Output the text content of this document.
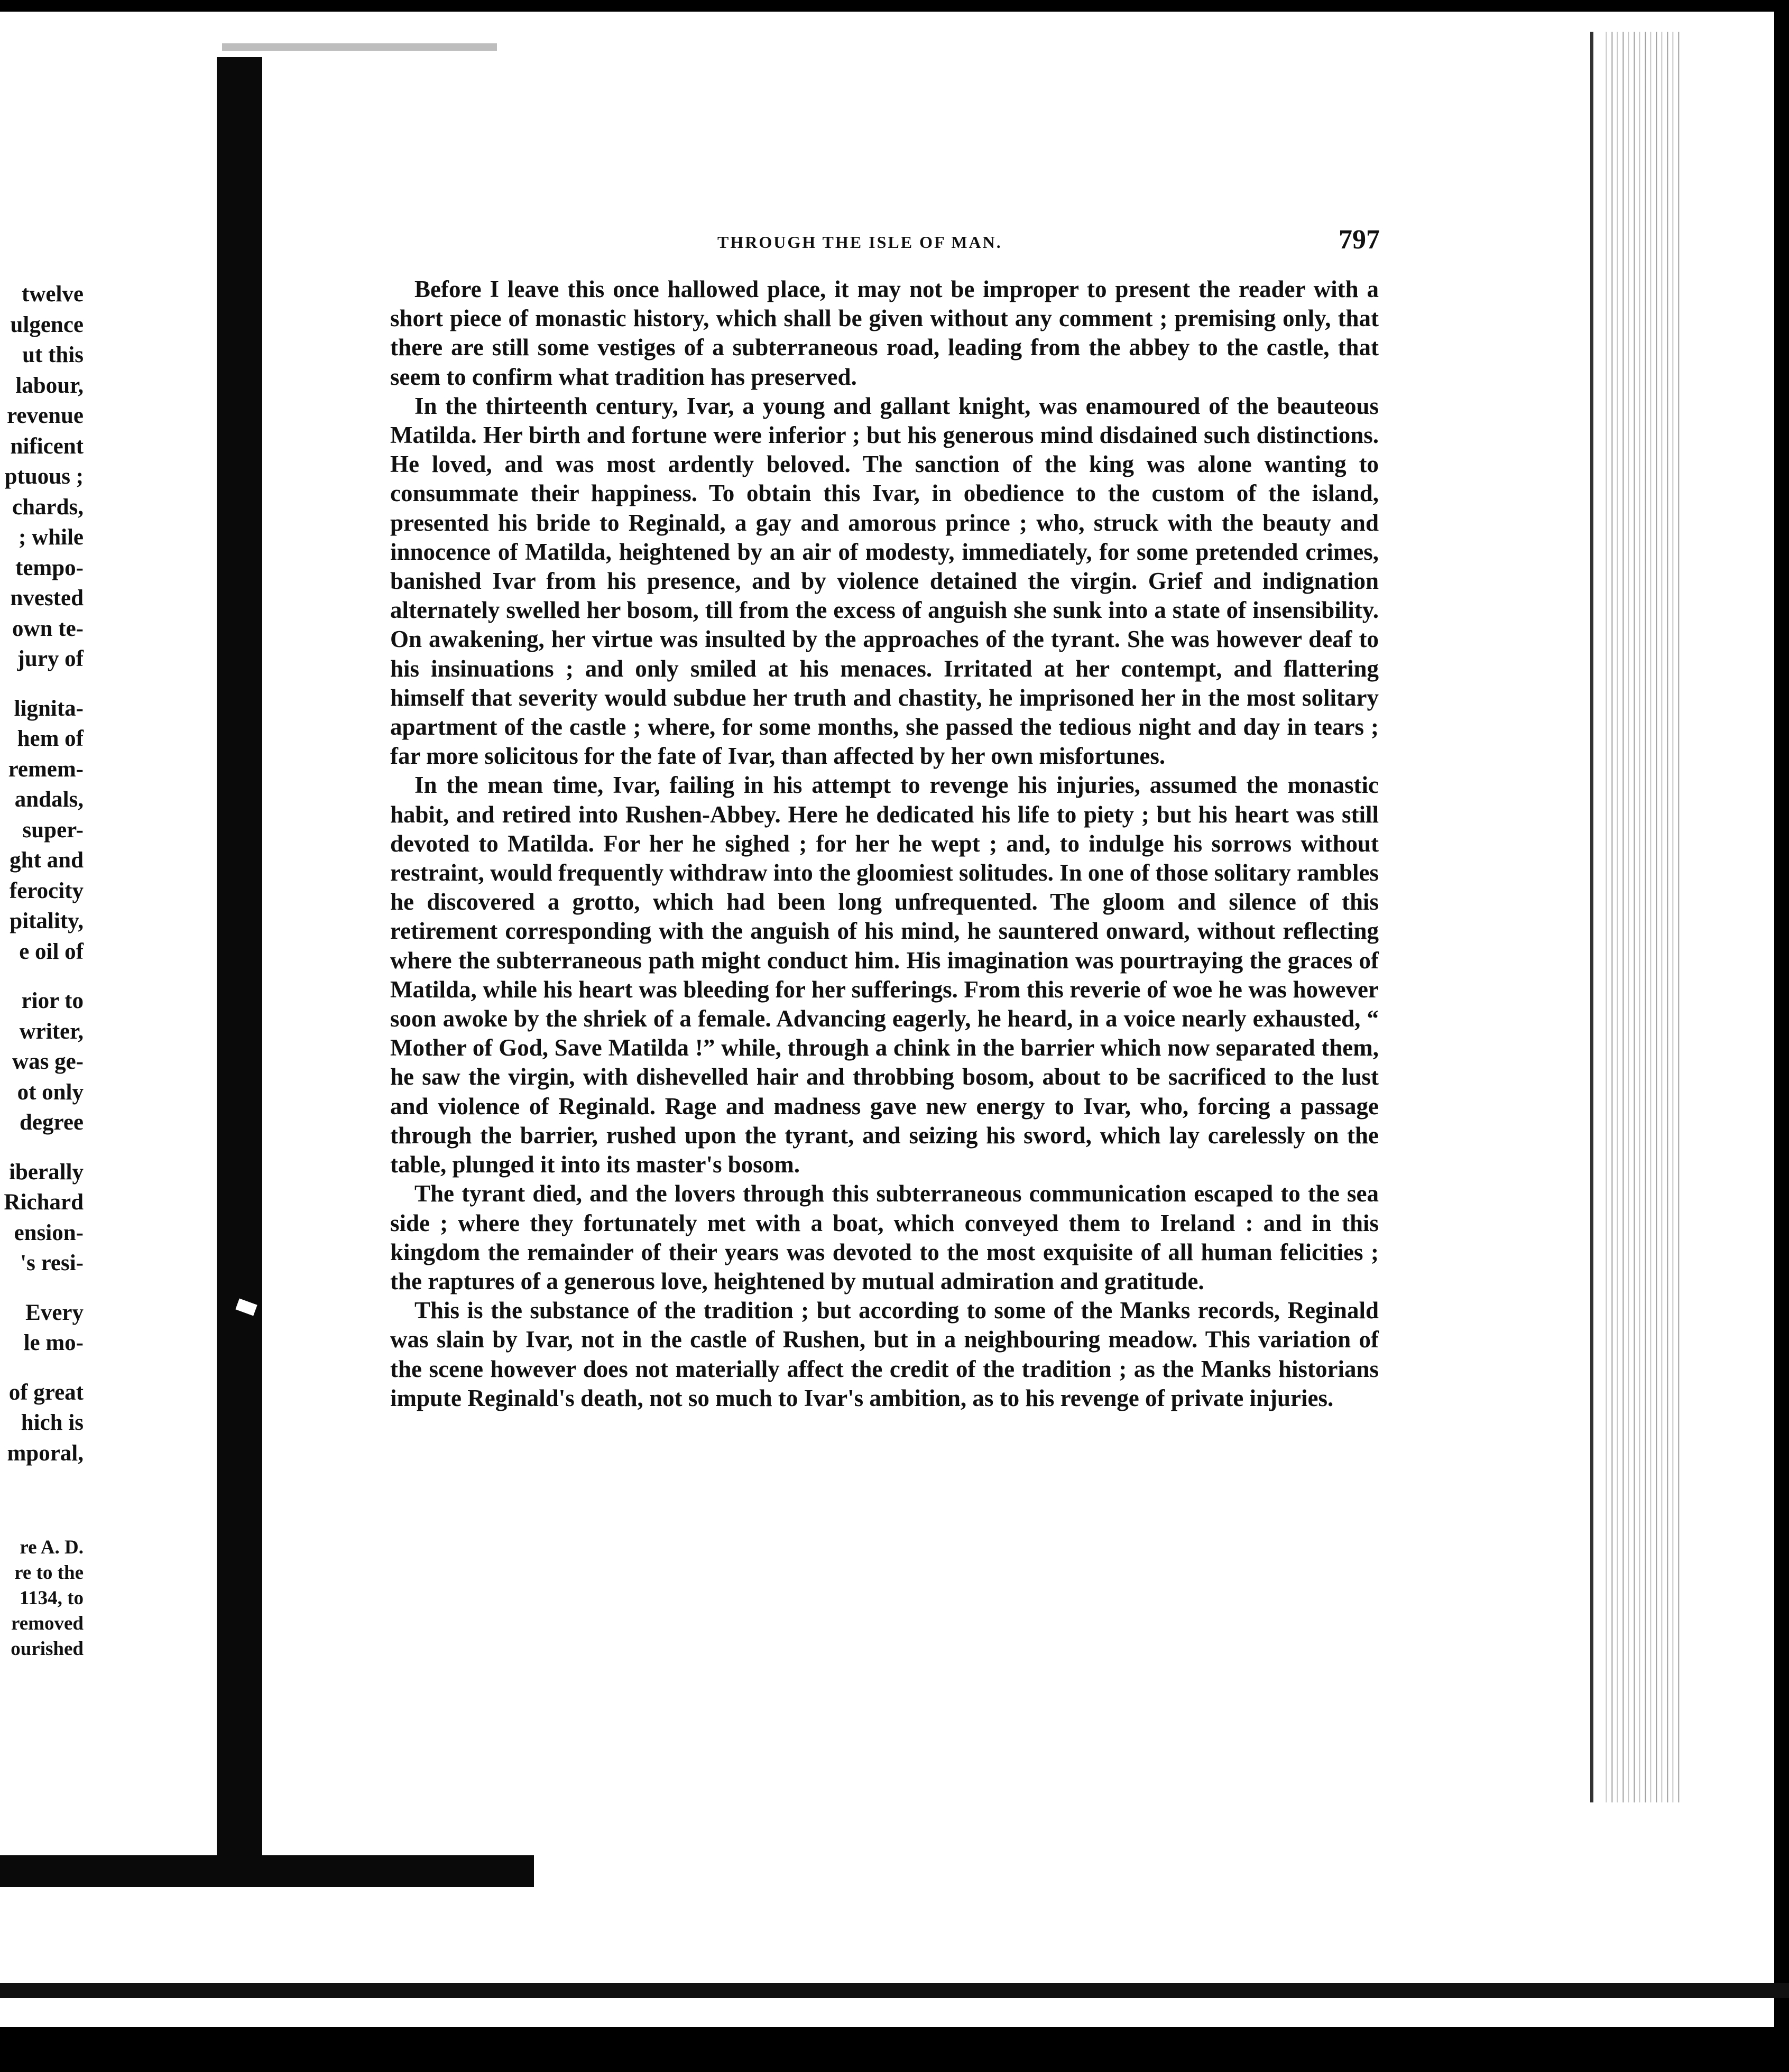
twelve
ulgence
ut this
labour,
revenue
nificent
ptuous ;
chards,
; while
tempo-
nvested
own te-
jury of
lignita-
hem of
remem-
andals,
super-
ght and
ferocity
pitality,
e oil of
rior to
writer,
was ge-
ot only
degree
iberally
Richard
ension-
's resi-
Every
le mo-
of great
hich is
mporal,
re A. D.
re to the
1134, to
removed
ourished
THROUGH THE ISLE OF MAN.	797

Before I leave this once hallowed place, it may not be improper to present the reader with a short piece of monastic history, which shall be given without any comment ; premising only, that there are still some vestiges of a subterraneous road, leading from the abbey to the castle, that seem to confirm what tradition has preserved.

In the thirteenth century, Ivar, a young and gallant knight, was enamoured of the beauteous Matilda. Her birth and fortune were inferior ; but his generous mind disdained such distinctions. He loved, and was most ardently beloved. The sanction of the king was alone wanting to consummate their happiness. To obtain this Ivar, in obedience to the custom of the island, presented his bride to Reginald, a gay and amorous prince ; who, struck with the beauty and innocence of Matilda, heightened by an air of modesty, immediately, for some pretended crimes, banished Ivar from his presence, and by violence detained the virgin. Grief and indignation alternately swelled her bosom, till from the excess of anguish she sunk into a state of insensibility. On awakening, her virtue was insulted by the approaches of the tyrant. She was however deaf to his insinuations ; and only smiled at his menaces. Irritated at her contempt, and flattering himself that severity would subdue her truth and chastity, he imprisoned her in the most solitary apartment of the castle ; where, for some months, she passed the tedious night and day in tears ; far more solicitous for the fate of Ivar, than affected by her own misfortunes.

In the mean time, Ivar, failing in his attempt to revenge his injuries, assumed the monastic habit, and retired into Rushen-Abbey. Here he dedicated his life to piety ; but his heart was still devoted to Matilda. For her he sighed ; for her he wept ; and, to indulge his sorrows without restraint, would frequently withdraw into the gloomiest solitudes. In one of those solitary rambles he discovered a grotto, which had been long unfrequented. The gloom and silence of this retirement corresponding with the anguish of his mind, he sauntered onward, without reflecting where the subterraneous path might conduct him. His imagination was pourtraying the graces of Matilda, while his heart was bleeding for her sufferings. From this reverie of woe he was however soon awoke by the shriek of a female. Advancing eagerly, he heard, in a voice nearly exhausted, “ Mother of God, Save Matilda !” while, through a chink in the barrier which now separated them, he saw the virgin, with dishevelled hair and throbbing bosom, about to be sacrificed to the lust and violence of Reginald. Rage and madness gave new energy to Ivar, who, forcing a passage through the barrier, rushed upon the tyrant, and seizing his sword, which lay carelessly on the table, plunged it into its master's bosom.

The tyrant died, and the lovers through this subterraneous communication escaped to the sea side ; where they fortunately met with a boat, which conveyed them to Ireland : and in this kingdom the remainder of their years was devoted to the most exquisite of all human felicities ; the raptures of a generous love, heightened by mutual admiration and gratitude.

This is the substance of the tradition ; but according to some of the Manks records, Reginald was slain by Ivar, not in the castle of Rushen, but in a neighbouring meadow. This variation of the scene however does not materially affect the credit of the tradition ; as the Manks historians impute Reginald's death, not so much to Ivar's ambition, as to his revenge of private injuries.
